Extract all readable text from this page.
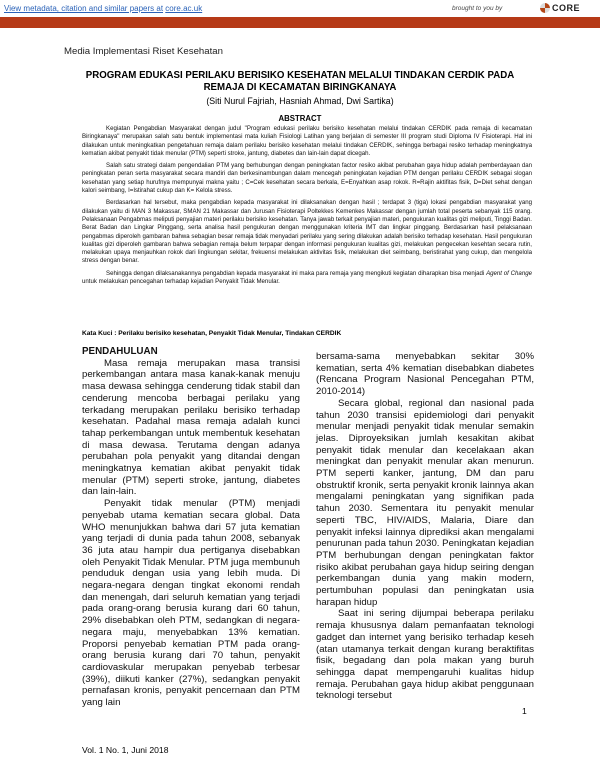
View metadata, citation and similar papers at core.ac.uk	brought to you by	CORE
provided by E-Journal Poltekkes Kemenkes Makassar
Media Implementasi Riset Kesehatan
PROGRAM EDUKASI PERILAKU BERISIKO KESEHATAN MELALUI TINDAKAN CERDIK PADA
REMAJA DI KECAMATAN BIRINGKANAYA
(Siti Nurul Fajriah, Hasniah Ahmad, Dwi Sartika)
ABSTRACT

Kegiatan Pengabdian Masyarakat dengan judul "Program edukasi perilaku berisiko kesehatan melalui tindakan CERDIK pada remaja di kecamatan Biringkanaya" merupakan salah satu bentuk implementasi mata kuliah Fisiologi Latihan yang berjalan di semester III program studi Diploma IV Fisioterapi. Hal ini dilakukan untuk meningkatkan pengetahuan remaja dalam perilaku berisiko kesehatan melalui tindakan CERDIK, sehingga berbagai resiko terhadap meningkatnya kematian akibat penyakit tidak menular (PTM) seperti stroke, jantung, diabetes dan lain-lain dapat dicegah.

Salah satu strategi dalam pengendalian PTM yang berhubungan dengan peningkatan factor resiko akibat perubahan gaya hidup adalah pemberdayaan dan peningkatan peran serta masyarakat secara mandiri dan berkesinambungan dalam mencegah peningkatan kejadian PTM dengan perilaku CERDIK sebagai slogan kesehatan yang setiap hurufnya mempunyai makna yaitu ; C=Cek kesehatan secara berkala, E=Enyahkan asap rokok. R=Rajin aktifitas fisik, D=Diet sehat dengan kalori seimbang, I=Istirahat cukup dan K= Kelola stress.

Berdasarkan hal tersebut, maka pengabdian kepada masyarakat ini dilaksanakan dengan hasil ; terdapat 3 (tiga) lokasi pengabdian masyarakat yang dilakukan yaitu di MAN 3 Makassar, SMAN 21 Makassar dan Jurusan Fisioterapi Poltekkes Kemenkes Makassar dengan jumlah total peserta sebanyak 115 orang. Pelaksanaan Pengabmas meliputi penyajian materi perilaku berisiko kesehatan. Tanya jawab terkait penyajian materi, pengukuran kualitas gizi meliputi, Tinggi Badan. Berat Badan dan Lingkar Pinggang, serta analisa hasil pengukuran dengan menggunakan kriteria IMT dan lingkar pinggang. Berdasarkan hasil pelaksanaan pengabmas diperoleh gambaran bahwa sebagian besar remaja tidak menyadari perilaku yang sering dilakukan adalah berisiko terhadap kesehatan. Hasil pengukuran kualitas gizi diperoleh gambaran bahwa sebagian remaja belum terpapar dengan informasi pengukuran kualitas gizi, melakukan pengecekan kesehtan secara rutin, melakukan upaya menjauhkan rokok dari lingkungan sekitar, frekuensi melakukan aktivitas fisik, melakukan diet seimbang, beristirahat yang cukup, dan mengelola stress dengan benar.

Sehingga dengan dilaksanakannya pengabdian kepada masyarakat ini maka para remaja yang mengikuti kegiatan diharapkan bisa menjadi Agent of Change untuk melakukan pencegahan terhadap kejadian Penyakit Tidak Menular.

Kata Kuci : Perilaku berisiko kesehatan, Penyakit Tidak Menular, Tindakan CERDIK

PENDAHULUAN

Masa remaja merupakan masa transisi perkembangan antara masa kanak-kanak menuju masa dewasa sehingga cenderung tidak stabil dan cenderung mencoba berbagai perilaku yang terkadang merupakan perilaku berisiko terhadap kesehatan. Padahal masa remaja adalah kunci tahap perkembangan untuk membentuk kesehatan di masa dewasa. Terutama dengan adanya perubahan pola penyakit yang ditandai dengan meningkatnya kematian akibat penyakit tidak menular (PTM) seperti stroke, jantung, diabetes dan lain-lain.

Penyakit tidak menular (PTM) menjadi penyebab utama kematian secara global. Data WHO menunjukkan bahwa dari 57 juta kematian yang terjadi di dunia pada tahun 2008, sebanyak 36 juta atau hampir dua pertiganya disebabkan oleh Penyakit Tidak Menular. PTM juga membunuh penduduk dengan usia yang lebih muda. Di negara-negara dengan tingkat ekonomi rendah dan menengah, dari seluruh kematian yang terjadi pada orang-orang berusia kurang dari 60 tahun, 29% disebabkan oleh PTM, sedangkan di negara-negara maju, menyebabkan 13% kematian. Proporsi penyebab kematian PTM pada orang-orang berusia kurang dari 70 tahun, penyakit cardiovaskular merupakan penyebab terbesar (39%), diikuti kanker (27%), sedangkan penyakit pernafasan kronis, penyakit pencernaan dan PTM yang lain

bersama-sama menyebabkan sekitar 30% kematian, serta 4% kematian disebabkan diabetes (Rencana Program Nasional Pencegahan PTM, 2010-2014)

Secara global, regional dan nasional pada tahun 2030 transisi epidemiologi dari penyakit menular menjadi penyakit tidak menular semakin jelas. Diproyeksikan jumlah kesakitan akibat penyakit tidak menular dan kecelakaan akan meningkat dan penyakit menular akan menurun. PTM seperti kanker, jantung, DM dan paru obstruktif kronik, serta penyakit kronik lainnya akan mengalami peningkatan yang signifikan pada tahun 2030. Sementara itu penyakit menular seperti TBC, HIV/AIDS, Malaria, Diare dan penyakit infeksi lainnya diprediksi akan mengalami penurunan pada tahun 2030. Peningkatan kejadian PTM berhubungan dengan peningkatan faktor risiko akibat perubahan gaya hidup seiring dengan perkembangan dunia yang makin modern, pertumbuhan populasi dan peningkatan usia harapan hidup

Saat ini sering dijumpai beberapa perilaku remaja khususnya dalam pemanfaatan teknologi gadget dan internet yang berisiko terhadap keseh (atan utamanya terkait dengan kurang beraktifitas fisik, begadang dan pola makan yang buruh sehingga dapat mempengaruhi kualitas hidup remaja. Perubahan gaya hidup akibat penggunaan teknologi tersebut

1
Vol. 1 No. 1, Juni 2018
